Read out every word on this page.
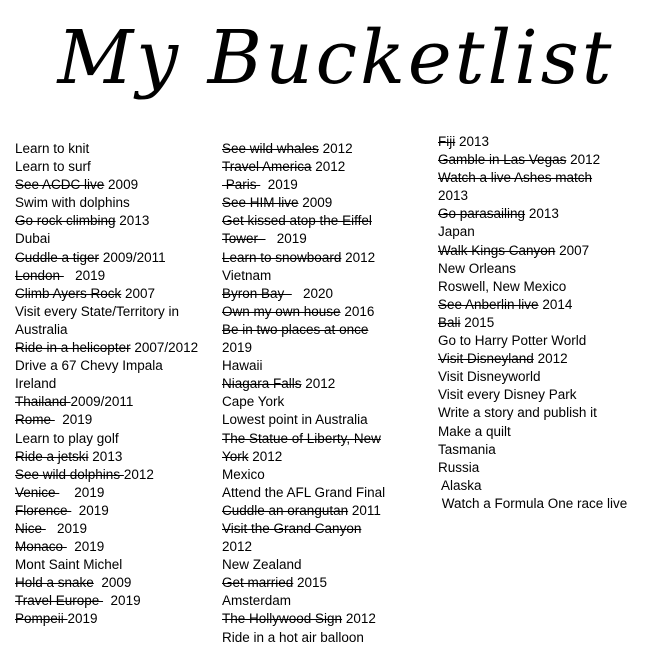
My Bucketlist
Learn to knit
Learn to surf
See ACDC live 2009
Swim with dolphins
Go rock climbing 2013
Dubai
Cuddle a tiger 2009/2011
London    2019
Climb Ayers Rock 2007
Visit every State/Territory in Australia
Ride in a helicopter 2007/2012
Drive a 67 Chevy Impala
Ireland
Thailand 2009/2011
Rome   2019
Learn to play golf
Ride a jetski 2013
See wild dolphins 2012
Venice     2019
Florence   2019
Nice    2019
Monaco   2019
Mont Saint Michel
Hold a snake  2009
Travel Europe   2019
Pompeii 2019
See wild whales 2012
Travel America 2012
Paris   2019
See HIM live 2009
Get kissed atop the Eiffel
Tower     2019
Learn to snowboard 2012
Vietnam
Byron Bay     2020
Own my own house 2016
Be in two places at once
2019
Hawaii
Niagara Falls 2012
Cape York
Lowest point in Australia
The Statue of Liberty, New
York 2012
Mexico
Attend the AFL Grand Final
Cuddle an orangutan 2011
Visit the Grand Canyon
2012
New Zealand
Get married 2015
Amsterdam
The Hollywood Sign 2012
Ride in a hot air balloon
Fiji 2013
Gamble in Las Vegas 2012
Watch a live Ashes match
2013
Go parasailing 2013
Japan
Walk Kings Canyon 2007
New Orleans
Roswell, New Mexico
See Anberlin live 2014
Bali 2015
Go to Harry Potter World
Visit Disneyland 2012
Visit Disneyworld
Visit every Disney Park
Write a story and publish it
Make a quilt
Tasmania
Russia
Alaska
Watch a Formula One race live
